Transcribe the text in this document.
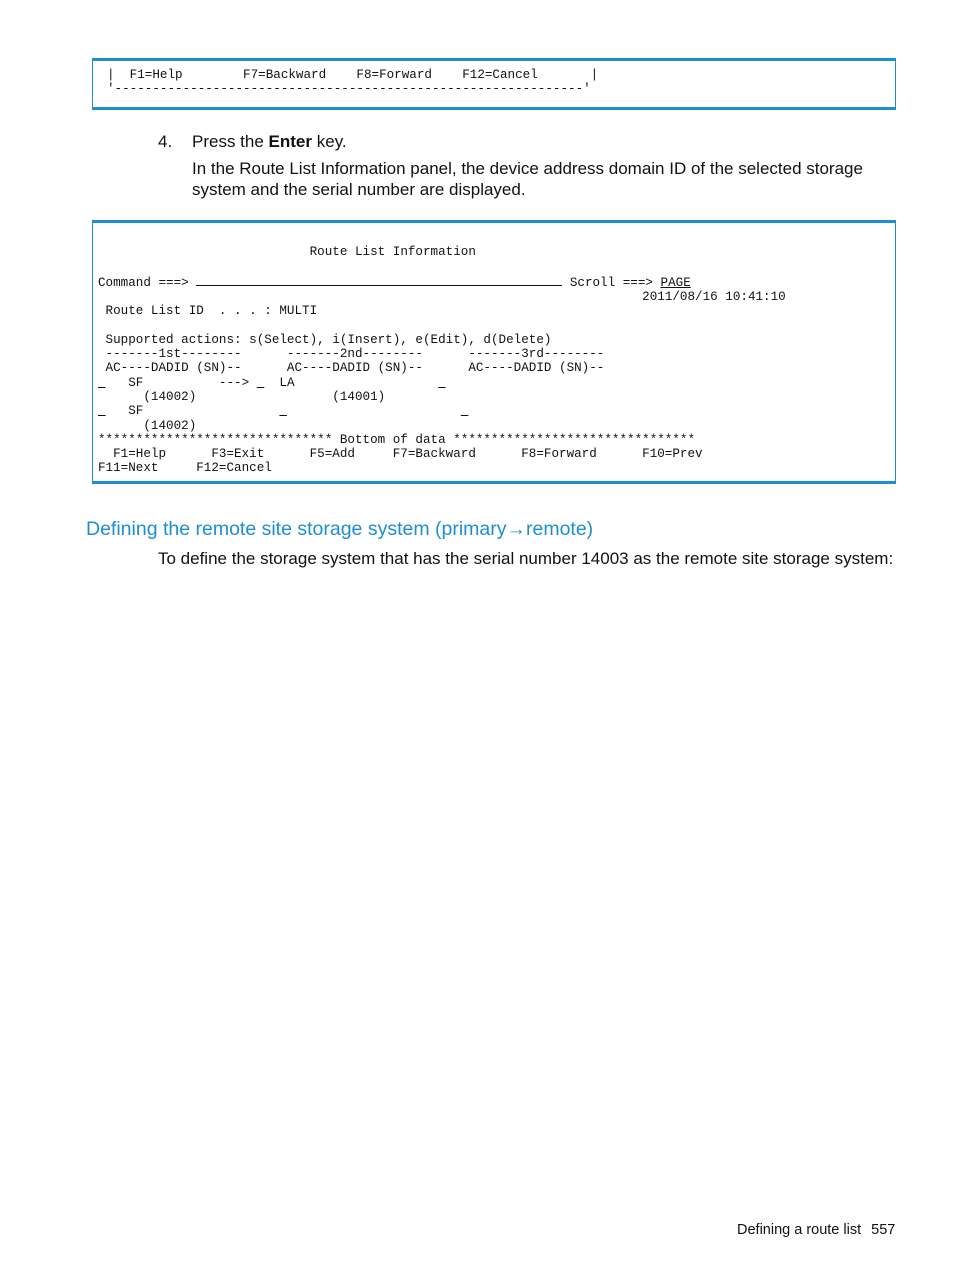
|  F1=Help        F7=Backward    F8=Forward    F12=Cancel       |
'--------------------------------------------------------------'
4. Press the Enter key.
In the Route List Information panel, the device address domain ID of the selected storage system and the serial number are displayed.
Route List Information

Command ===>	Scroll ===> PAGE
2011/08/16 10:41:10
Route List ID  . . . : MULTI

Supported actions: s(Select), i(Insert), e(Edit), d(Delete)
-------1st--------      -------2nd--------      -------3rd--------
AC----DADID (SN)--      AC----DADID (SN)--      AC----DADID (SN)--
SF          --->    LA
(14002)                  (14001)
SF
(14002)
******************************* Bottom of data ********************************
F1=Help      F3=Exit      F5=Add     F7=Backward      F8=Forward      F10=Prev
F11=Next     F12=Cancel
Defining the remote site storage system (primary→remote)
To define the storage system that has the serial number 14003 as the remote site storage system:
Defining a route list 557
